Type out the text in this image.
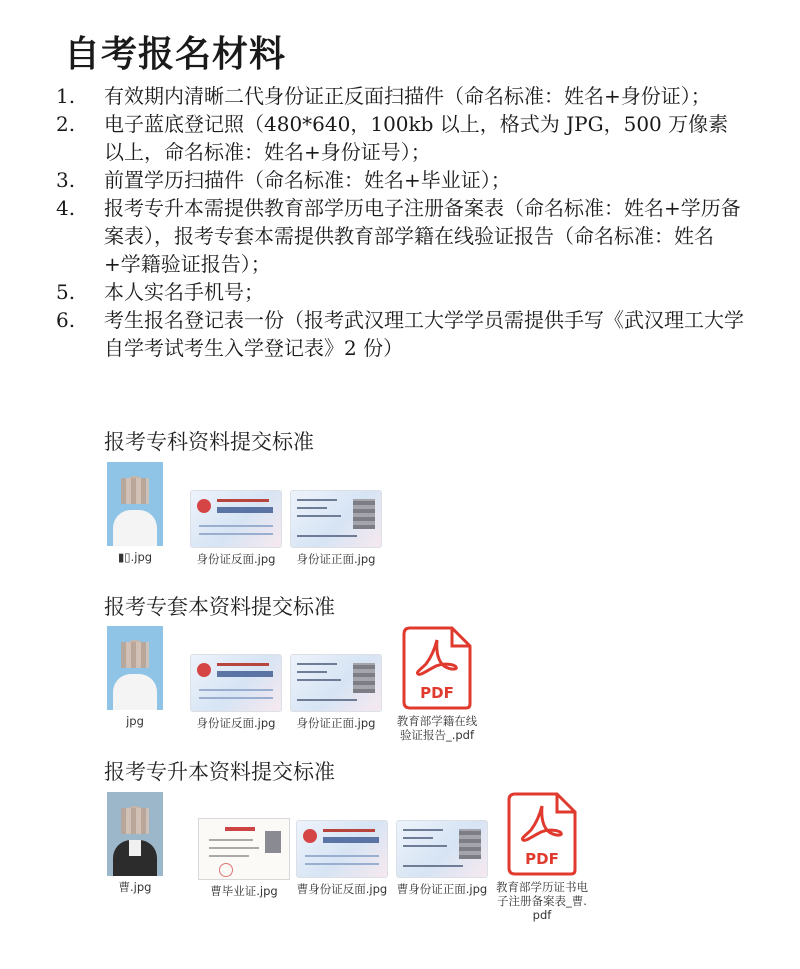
自考报名材料
1.	有效期内清晰二代身份证正反面扫描件（命名标准：姓名+身份证）；
2.	电子蓝底登记照（480*640，100kb 以上，格式为 JPG，500 万像素以上，命名标准：姓名+身份证号）；
3.	前置学历扫描件（命名标准：姓名+毕业证）；
4.	报考专升本需提供教育部学历电子注册备案表（命名标准：姓名+学历备案表），报考专套本需提供教育部学籍在线验证报告（命名标准：姓名+学籍验证报告）；
5.	本人实名手机号；
6.	考生报名登记表一份（报考武汉理工大学学员需提供手写《武汉理工大学自学考试考生入学登记表》2 份）
报考专科资料提交标准
▮▯.jpg	身份证反面.jpg	身份证正面.jpg
报考专套本资料提交标准
jpg	身份证反面.jpg	身份证正面.jpg
PDF
教育部学籍在线验证报告_.pdf
报考专升本资料提交标准
曹.jpg	曹毕业证.jpg	曹身份证反面.jpg 曹身份证正面.jpg
PDF
教育部学历证书电子注册备案表_曹.pdf
